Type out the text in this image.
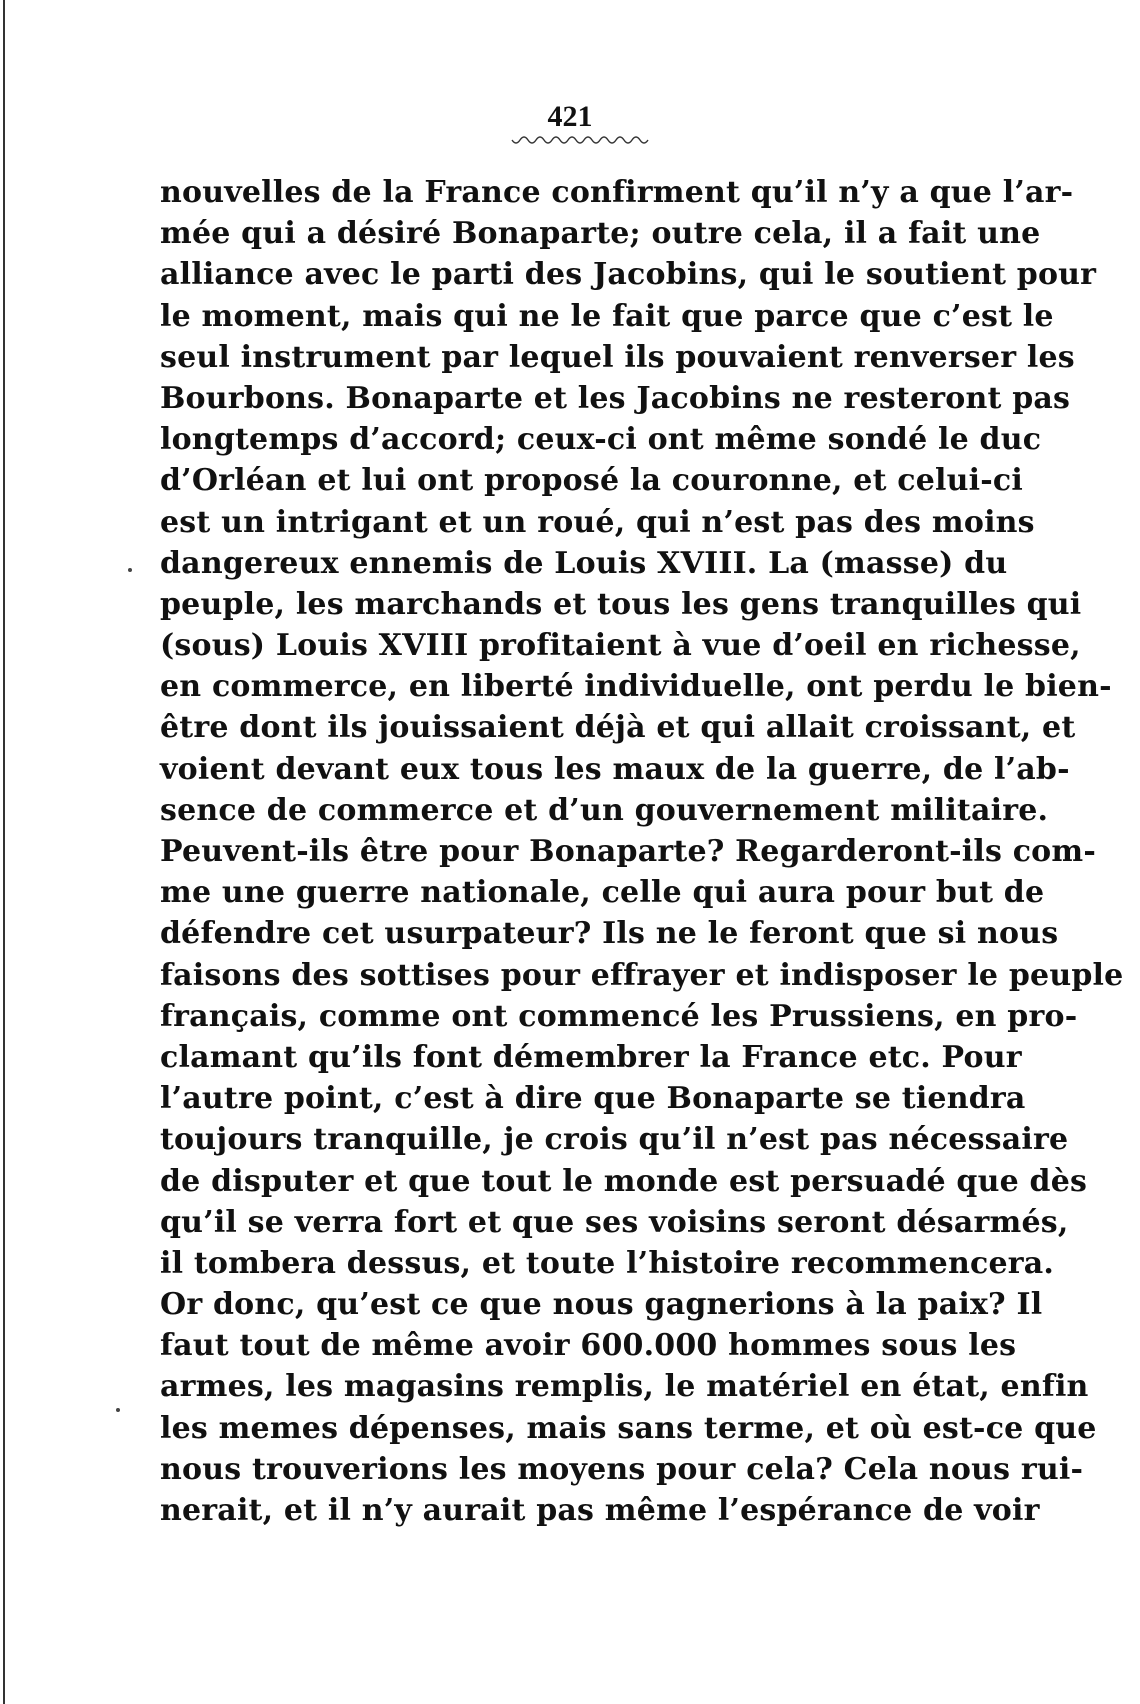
421
nouvelles de la France confirment qu’il n’y a que l’ar-
mée qui a désiré Bonaparte; outre cela, il a fait une
alliance avec le parti des Jacobins, qui le soutient pour
le moment, mais qui ne le fait que parce que c’est le
seul instrument par lequel ils pouvaient renverser les
Bourbons. Bonaparte et les Jacobins ne resteront pas
longtemps d’accord; ceux-ci ont même sondé le duc
d’Orléan et lui ont proposé la couronne, et celui-ci
est un intrigant et un roué, qui n’est pas des moins
dangereux ennemis de Louis XVIII. La (masse) du
peuple, les marchands et tous les gens tranquilles qui
(sous) Louis XVIII profitaient à vue d’oeil en richesse,
en commerce, en liberté individuelle, ont perdu le bien-
être dont ils jouissaient déjà et qui allait croissant, et
voient devant eux tous les maux de la guerre, de l’ab-
sence de commerce et d’un gouvernement militaire.
Peuvent-ils être pour Bonaparte? Regarderont-ils com-
me une guerre nationale, celle qui aura pour but de
défendre cet usurpateur? Ils ne le feront que si nous
faisons des sottises pour effrayer et indisposer le peuple
français, comme ont commencé les Prussiens, en pro-
clamant qu’ils font démembrer la France etc. Pour
l’autre point, c’est à dire que Bonaparte se tiendra
toujours tranquille, je crois qu’il n’est pas nécessaire
de disputer et que tout le monde est persuadé que dès
qu’il se verra fort et que ses voisins seront désarmés,
il tombera dessus, et toute l’histoire recommencera.
Or donc, qu’est ce que nous gagnerions à la paix? Il
faut tout de même avoir 600.000 hommes sous les
armes, les magasins remplis, le matériel en état, enfin
les memes dépenses, mais sans terme, et où est-ce que
nous trouverions les moyens pour cela? Cela nous rui-
nerait, et il n’y aurait pas même l’espérance de voir
